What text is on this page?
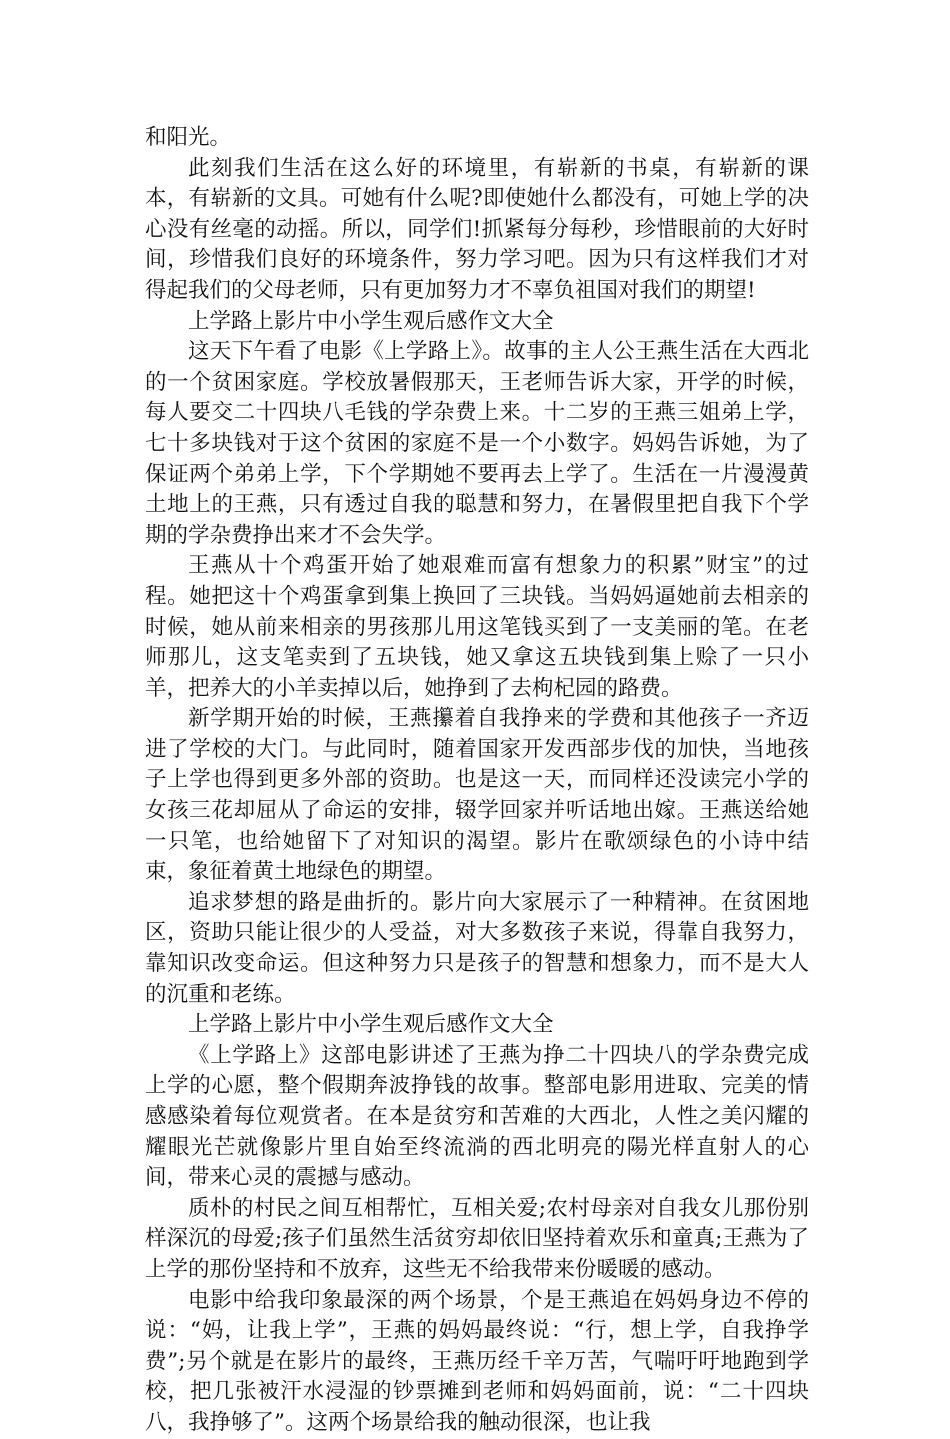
和阳光。

此刻我们生活在这么好的环境里，有崭新的书桌，有崭新的课本，有崭新的文具。可她有什么呢?即使她什么都没有，可她上学的决心没有丝毫的动摇。所以，同学们!抓紧每分每秒，珍惜眼前的大好时间，珍惜我们良好的环境条件，努力学习吧。因为只有这样我们才对得起我们的父母老师，只有更加努力才不辜负祖国对我们的期望!

上学路上影片中小学生观后感作文大全

这天下午看了电影《上学路上》。故事的主人公王燕生活在大西北的一个贫困家庭。学校放暑假那天，王老师告诉大家，开学的时候，每人要交二十四块八毛钱的学杂费上来。十二岁的王燕三姐弟上学，七十多块钱对于这个贫困的家庭不是一个小数字。妈妈告诉她，为了保证两个弟弟上学，下个学期她不要再去上学了。生活在一片漫漫黄土地上的王燕，只有透过自我的聪慧和努力，在暑假里把自我下个学期的学杂费挣出来才不会失学。

王燕从十个鸡蛋开始了她艰难而富有想象力的积累”财宝”的过程。她把这十个鸡蛋拿到集上换回了三块钱。当妈妈逼她前去相亲的时候，她从前来相亲的男孩那儿用这笔钱买到了一支美丽的笔。在老师那儿，这支笔卖到了五块钱，她又拿这五块钱到集上赊了一只小羊，把养大的小羊卖掉以后，她挣到了去枸杞园的路费。

新学期开始的时候，王燕攥着自我挣来的学费和其他孩子一齐迈进了学校的大门。与此同时，随着国家开发西部步伐的加快，当地孩子上学也得到更多外部的资助。也是这一天，而同样还没读完小学的女孩三花却屈从了命运的安排，辍学回家并听话地出嫁。王燕送给她一只笔，也给她留下了对知识的渴望。影片在歌颂绿色的小诗中结束，象征着黄土地绿色的期望。

追求梦想的路是曲折的。影片向大家展示了一种精神。在贫困地区，资助只能让很少的人受益，对大多数孩子来说，得靠自我努力，靠知识改变命运。但这种努力只是孩子的智慧和想象力，而不是大人的沉重和老练。

上学路上影片中小学生观后感作文大全

《上学路上》这部电影讲述了王燕为挣二十四块八的学杂费完成上学的心愿，整个假期奔波挣钱的故事。整部电影用进取、完美的情感感染着每位观赏者。在本是贫穷和苦难的大西北，人性之美闪耀的耀眼光芒就像影片里自始至终流淌的西北明亮的陽光样直射人的心间，带来心灵的震撼与感动。

质朴的村民之间互相帮忙，互相关爱;农村母亲对自我女儿那份别样深沉的母爱;孩子们虽然生活贫穷却依旧坚持着欢乐和童真;王燕为了上学的那份坚持和不放弃，这些无不给我带来份暖暖的感动。

电影中给我印象最深的两个场景，个是王燕追在妈妈身边不停的说：“妈，让我上学”，王燕的妈妈最终说：“行，想上学，自我挣学费”;另个就是在影片的最终，王燕历经千辛万苦，气喘吁吁地跑到学校，把几张被汗水浸湿的钞票摊到老师和妈妈面前，说：“二十四块八，我挣够了”。这两个场景给我的触动很深，也让我
